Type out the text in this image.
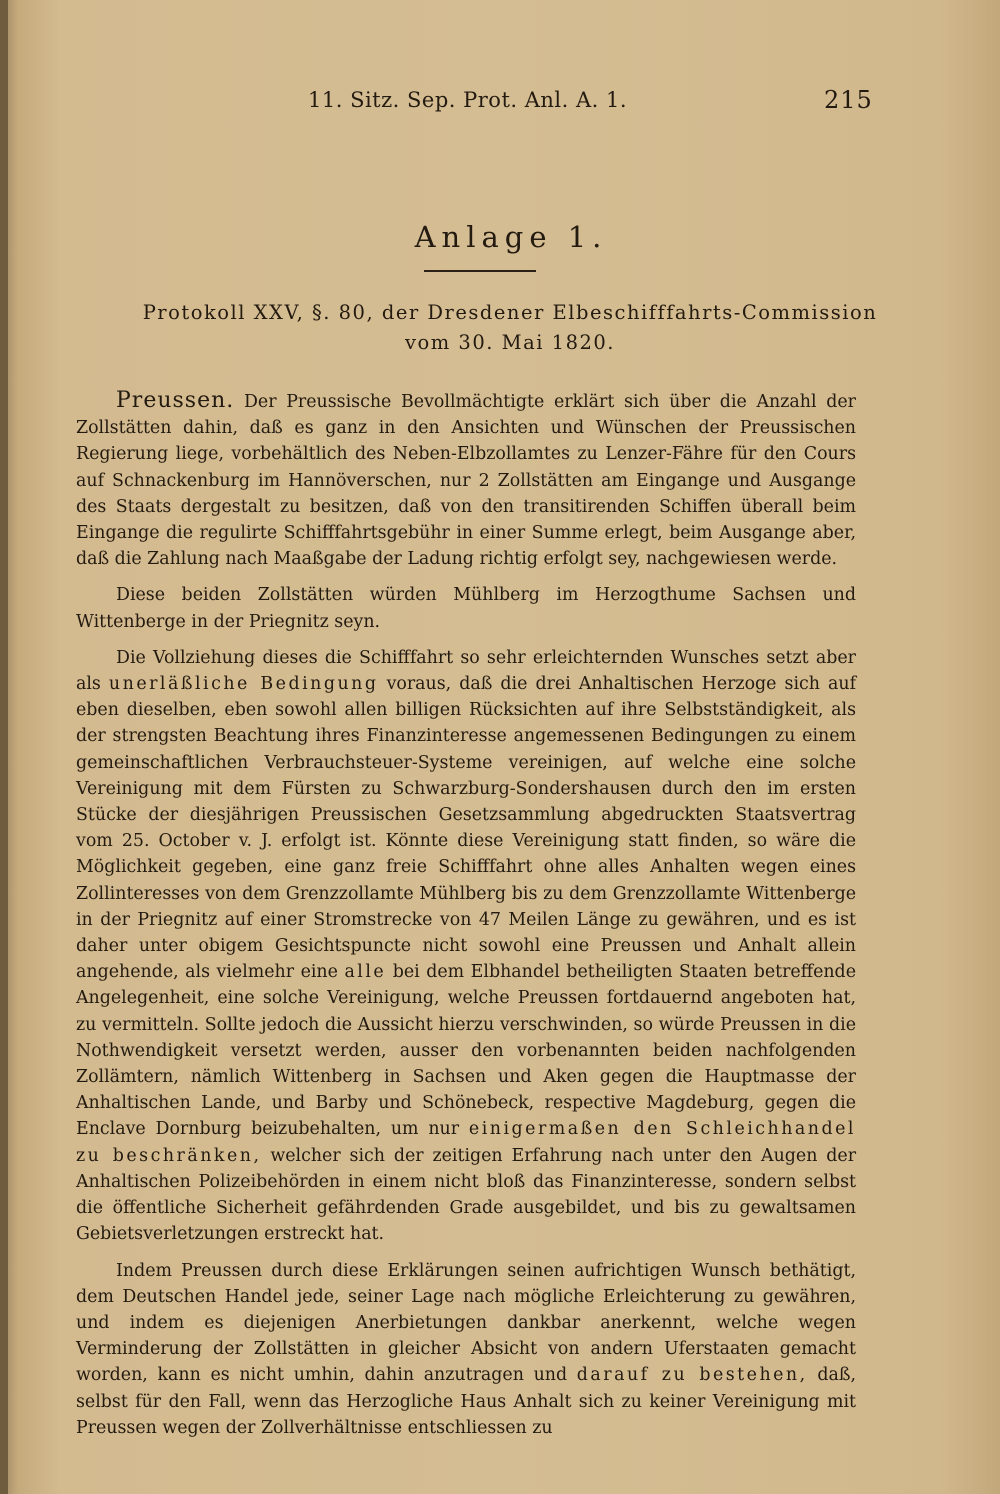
11. Sitz. Sep. Prot. Anl. A. 1.	215
Anlage 1.
Protokoll XXV, §. 80, der Dresdener Elbeschifffahrts-Commission
vom 30. Mai 1820.

Preussen. Der Preussische Bevollmächtigte erklärt sich über die Anzahl der Zollstätten dahin, daß es ganz in den Ansichten und Wünschen der Preussischen Regierung liege, vorbehältlich des Neben-Elbzollamtes zu Lenzer-Fähre für den Cours auf Schnackenburg im Hannöverschen, nur 2 Zollstätten am Eingange und Ausgange des Staats dergestalt zu besitzen, daß von den transitirenden Schiffen überall beim Eingange die regulirte Schifffahrtsgebühr in einer Summe erlegt, beim Ausgange aber, daß die Zahlung nach Maaßgabe der Ladung richtig erfolgt sey, nachgewiesen werde.

Diese beiden Zollstätten würden Mühlberg im Herzogthume Sachsen und Wittenberge in der Priegnitz seyn.

Die Vollziehung dieses die Schifffahrt so sehr erleichternden Wunsches setzt aber als unerläßliche Bedingung voraus, daß die drei Anhaltischen Herzoge sich auf eben dieselben, eben sowohl allen billigen Rücksichten auf ihre Selbstständigkeit, als der strengsten Beachtung ihres Finanzinteresse angemessenen Bedingungen zu einem gemeinschaftlichen Verbrauchsteuer-Systeme vereinigen, auf welche eine solche Vereinigung mit dem Fürsten zu Schwarzburg-Sondershausen durch den im ersten Stücke der diesjährigen Preussischen Gesetzsammlung abgedruckten Staatsvertrag vom 25. October v. J. erfolgt ist. Könnte diese Vereinigung statt finden, so wäre die Möglichkeit gegeben, eine ganz freie Schifffahrt ohne alles Anhalten wegen eines Zollinteresses von dem Grenzzollamte Mühlberg bis zu dem Grenzzollamte Wittenberge in der Priegnitz auf einer Stromstrecke von 47 Meilen Länge zu gewähren, und es ist daher unter obigem Gesichtspuncte nicht sowohl eine Preussen und Anhalt allein angehende, als vielmehr eine alle bei dem Elbhandel betheiligten Staaten betreffende Angelegenheit, eine solche Vereinigung, welche Preussen fortdauernd angeboten hat, zu vermitteln. Sollte jedoch die Aussicht hierzu verschwinden, so würde Preussen in die Nothwendigkeit versetzt werden, ausser den vorbenannten beiden nachfolgenden Zollämtern, nämlich Wittenberg in Sachsen und Aken gegen die Hauptmasse der Anhaltischen Lande, und Barby und Schönebeck, respective Magdeburg, gegen die Enclave Dornburg beizubehalten, um nur einigermaßen den Schleichhandel zu beschränken, welcher sich der zeitigen Erfahrung nach unter den Augen der Anhaltischen Polizeibehörden in einem nicht bloß das Finanzinteresse, sondern selbst die öffentliche Sicherheit gefährdenden Grade ausgebildet, und bis zu gewaltsamen Gebietsverletzungen erstreckt hat.

Indem Preussen durch diese Erklärungen seinen aufrichtigen Wunsch bethätigt, dem Deutschen Handel jede, seiner Lage nach mögliche Erleichterung zu gewähren, und indem es diejenigen Anerbietungen dankbar anerkennt, welche wegen Verminderung der Zollstätten in gleicher Absicht von andern Uferstaaten gemacht worden, kann es nicht umhin, dahin anzutragen und darauf zu bestehen, daß, selbst für den Fall, wenn das Herzogliche Haus Anhalt sich zu keiner Vereinigung mit Preussen wegen der Zollverhältnisse entschliessen zu
